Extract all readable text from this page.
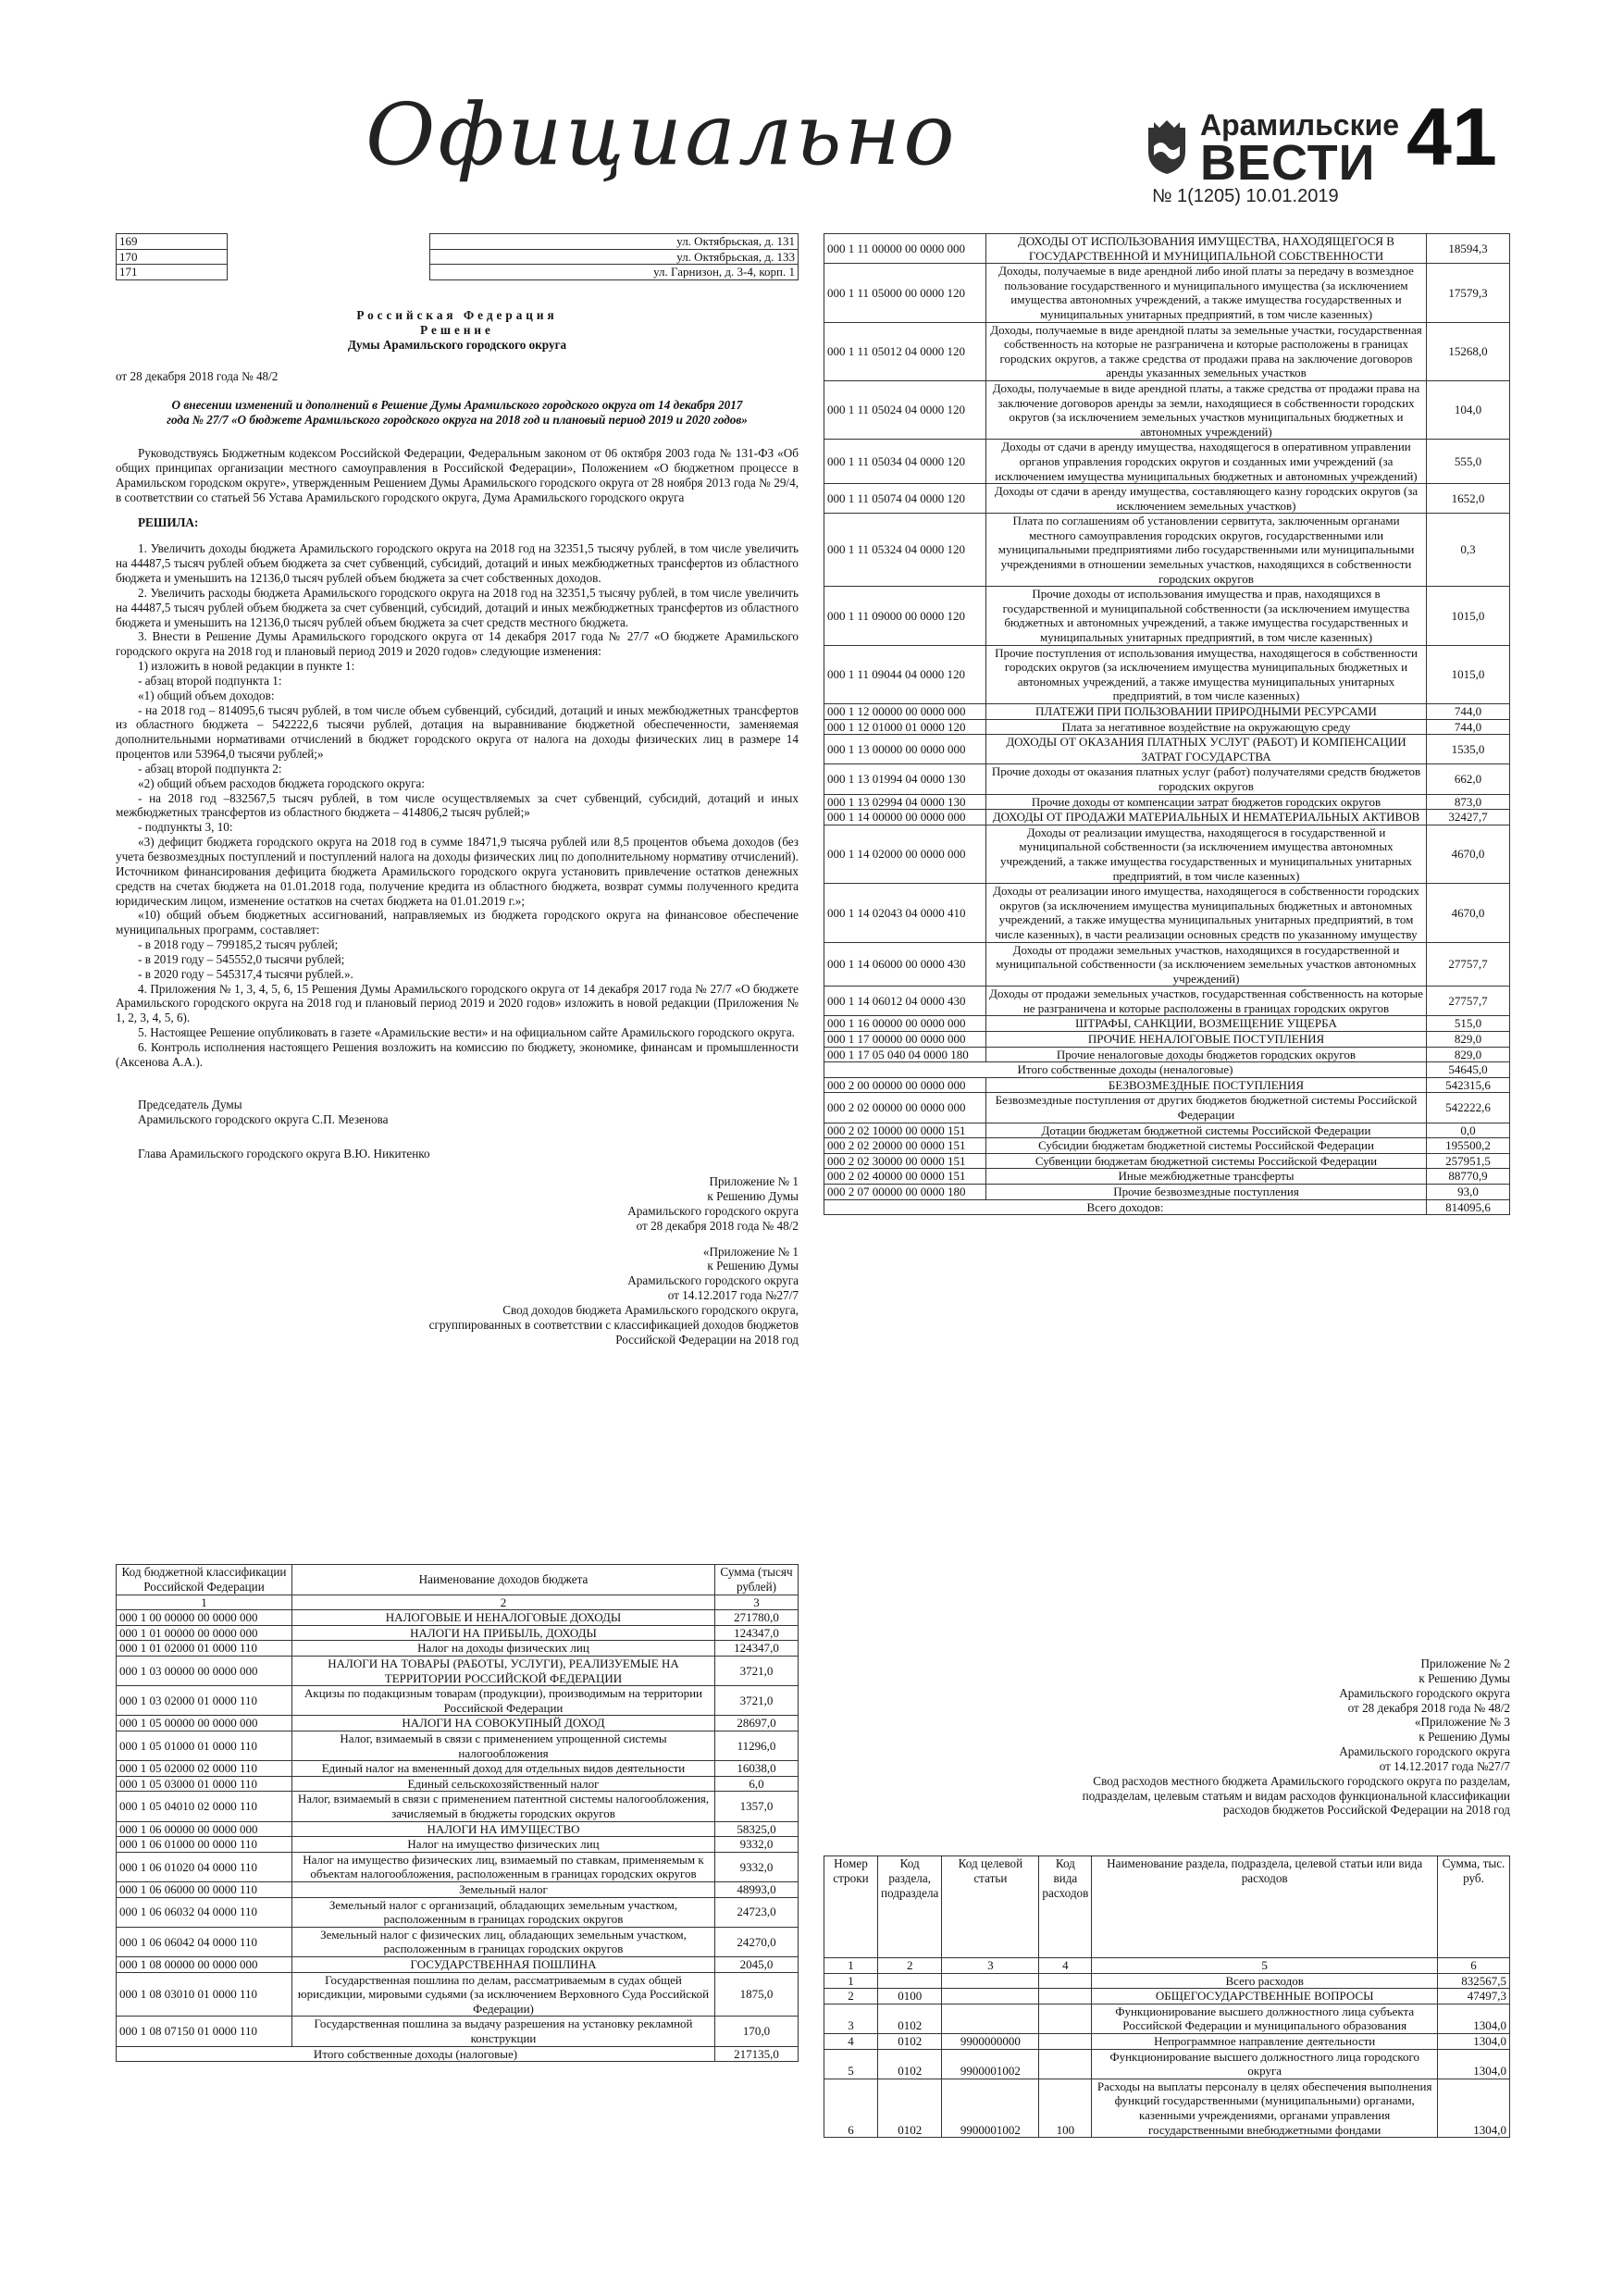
Официально	Арамильские
ВЕСТИ
№ 1(1205) 10.01.2019
41
169		ул. Октябрьская, д. 131
170		ул. Октябрьская, д. 133
171		ул. Гарнизон, д. 3-4, корп. 1
Российская Федерация
Решение
Думы Арамильского городского округа
от 28 декабря 2018 года № 48/2
О внесении изменений и дополнений в Решение Думы Арамильского городского округа от 14 декабря 2017 года № 27/7 «О бюджете Арамильского городского округа на 2018 год и плановый период 2019 и 2020 годов»

Руководствуясь Бюджетным кодексом Российской Федерации, Федеральным законом от 06 октября 2003 года № 131-ФЗ «Об общих принципах организации местного самоуправления в Российской Федерации», Положением «О бюджетном процессе в Арамильском городском округе», утвержденным Решением Думы Арамильского городского округа от 28 ноября 2013 года № 29/4, в соответствии со статьей 56 Устава Арамильского городского округа, Дума Арамильского городского округа

РЕШИЛА:

1. Увеличить доходы бюджета Арамильского городского округа на 2018 год на 32351,5 тысячу рублей, в том числе увеличить на 44487,5 тысяч рублей объем бюджета за счет субвенций, субсидий, дотаций и иных межбюджетных трансфертов из областного бюджета и уменьшить на 12136,0 тысяч рублей объем бюджета за счет собственных доходов.

2. Увеличить расходы бюджета Арамильского городского округа на 2018 год на 32351,5 тысячу рублей, в том числе увеличить на 44487,5 тысяч рублей объем бюджета за счет субвенций, субсидий, дотаций и иных межбюджетных трансфертов из областного бюджета и уменьшить на 12136,0 тысяч рублей объем бюджета за счет средств местного бюджета.

3. Внести в Решение Думы Арамильского городского округа от 14 декабря 2017 года № 27/7 «О бюджете Арамильского городского округа на 2018 год и плановый период 2019 и 2020 годов» следующие изменения:

1) изложить в новой редакции в пункте 1:

- абзац второй подпункта 1:

«1) общий объем доходов:

- на 2018 год – 814095,6 тысяч рублей, в том числе объем субвенций, субсидий, дотаций и иных межбюджетных трансфертов из областного бюджета – 542222,6 тысячи рублей, дотация на выравнивание бюджетной обеспеченности, заменяемая дополнительными нормативами отчислений в бюджет городского округа от налога на доходы физических лиц в размере 14 процентов или 53964,0 тысячи рублей;»

- абзац второй подпункта 2:

«2) общий объем расходов бюджета городского округа:

- на 2018 год –832567,5 тысяч рублей, в том числе осуществляемых за счет субвенций, субсидий, дотаций и иных межбюджетных трансфертов из областного бюджета – 414806,2 тысяч рублей;»

- подпункты 3, 10:

«3) дефицит бюджета городского округа на 2018 год в сумме 18471,9 тысяча рублей или 8,5 процентов объема доходов (без учета безвозмездных поступлений и поступлений налога на доходы физических лиц по дополнительному нормативу отчислений). Источником финансирования дефицита бюджета Арамильского городского округа установить привлечение остатков денежных средств на счетах бюджета на 01.01.2018 года, получение кредита из областного бюджета, возврат суммы полученного кредита юридическим лицом, изменение остатков на счетах бюджета на 01.01.2019 г.»;

«10) общий объем бюджетных ассигнований, направляемых из бюджета городского округа на финансовое обеспечение муниципальных программ, составляет:

- в 2018 году – 799185,2 тысяч рублей;

- в 2019 году – 545552,0 тысячи рублей;

- в 2020 году – 545317,4 тысячи рублей.».

4. Приложения № 1, 3, 4, 5, 6, 15 Решения Думы Арамильского городского округа от 14 декабря 2017 года № 27/7 «О бюджете Арамильского городского округа на 2018 год и плановый период 2019 и 2020 годов» изложить в новой редакции (Приложения № 1, 2, 3, 4, 5, 6).

5. Настоящее Решение опубликовать в газете «Арамильские вести» и на официальном сайте Арамильского городского округа.

6. Контроль исполнения настоящего Решения возложить на комиссию по бюджету, экономике, финансам и промышленности (Аксенова А.А.).

Председатель Думы
Арамильского городского округа С.П. Мезенова
Глава Арамильского городского округа В.Ю. Никитенко
Приложение № 1
к Решению Думы
Арамильского городского округа
от 28 декабря 2018 года № 48/2
«Приложение № 1
к Решению Думы
Арамильского городского округа
от 14.12.2017 года №27/7
Свод доходов бюджета Арамильского городского округа,
сгруппированных в соответствии с классификацией доходов бюджетов
Российской Федерации на 2018 год
Код бюджетной классификации Российской Федерации	Наименование доходов бюджета	Сумма (тысяч рублей)
1	2	3
000 1 00 00000 00 0000 000	НАЛОГОВЫЕ И НЕНАЛОГОВЫЕ ДОХОДЫ	271780,0
000 1 01 00000 00 0000 000	НАЛОГИ НА ПРИБЫЛЬ, ДОХОДЫ	124347,0
000 1 01 02000 01 0000 110	Налог на доходы физических лиц	124347,0
000 1 03 00000 00 0000 000	НАЛОГИ НА ТОВАРЫ (РАБОТЫ, УСЛУГИ), РЕАЛИЗУЕМЫЕ НА ТЕРРИТОРИИ РОССИЙСКОЙ ФЕДЕРАЦИИ	3721,0
000 1 03 02000 01 0000 110	Акцизы по подакцизным товарам (продукции), производимым на территории Российской Федерации	3721,0
000 1 05 00000 00 0000 000	НАЛОГИ НА СОВОКУПНЫЙ ДОХОД	28697,0
000 1 05 01000 01 0000 110	Налог, взимаемый в связи с применением упрощенной системы налогообложения	11296,0
000 1 05 02000 02 0000 110	Единый налог на вмененный доход для отдельных видов деятельности	16038,0
000 1 05 03000 01 0000 110	Единый сельскохозяйственный налог	6,0
000 1 05 04010 02 0000 110	Налог, взимаемый в связи с применением патентной системы налогообложения, зачисляемый в бюджеты городских округов	1357,0
000 1 06 00000 00 0000 000	НАЛОГИ НА ИМУЩЕСТВО	58325,0
000 1 06 01000 00 0000 110	Налог на имущество физических лиц	9332,0
000 1 06 01020 04 0000 110	Налог на имущество физических лиц, взимаемый по ставкам, применяемым к объектам налогообложения, расположенным в границах городских округов	9332,0
000 1 06 06000 00 0000 110	Земельный налог	48993,0
000 1 06 06032 04 0000 110	Земельный налог с организаций, обладающих земельным участком, расположенным в границах городских округов	24723,0
000 1 06 06042 04 0000 110	Земельный налог с физических лиц, обладающих земельным участком, расположенным в границах городских округов	24270,0
000 1 08 00000 00 0000 000	ГОСУДАРСТВЕННАЯ ПОШЛИНА	2045,0
000 1 08 03010 01 0000 110	Государственная пошлина по делам, рассматриваемым в судах общей юрисдикции, мировыми судьями (за исключением Верховного Суда Российской Федерации)	1875,0
000 1 08 07150 01 0000 110	Государственная пошлина за выдачу разрешения на установку рекламной конструкции	170,0
Итого собственные доходы (налоговые)		217135,0
000 1 11 00000 00 0000 000	ДОХОДЫ ОТ ИСПОЛЬЗОВАНИЯ ИМУЩЕСТВА, НАХОДЯЩЕГОСЯ В ГОСУДАРСТВЕННОЙ И МУНИЦИПАЛЬНОЙ СОБСТВЕННОСТИ	18594,3
000 1 11 05000 00 0000 120	Доходы, получаемые в виде арендной либо иной платы за передачу в возмездное пользование государственного и муниципального имущества (за исключением имущества автономных учреждений, а также имущества государственных и муниципальных унитарных предприятий, в том числе казенных)	17579,3
000 1 11 05012 04 0000 120	Доходы, получаемые в виде арендной платы за земельные участки, государственная собственность на которые не разграничена и которые расположены в границах городских округов, а также средства от продажи права на заключение договоров аренды указанных земельных участков	15268,0
000 1 11 05024 04 0000 120	Доходы, получаемые в виде арендной платы, а также средства от продажи права на заключение договоров аренды за земли, находящиеся в собственности городских округов (за исключением земельных участков муниципальных бюджетных и автономных учреждений)	104,0
000 1 11 05034 04 0000 120	Доходы от сдачи в аренду имущества, находящегося в оперативном управлении органов управления городских округов и созданных ими учреждений (за исключением имущества муниципальных бюджетных и автономных учреждений)	555,0
000 1 11 05074 04 0000 120	Доходы от сдачи в аренду имущества, составляющего казну городских округов (за исключением земельных участков)	1652,0
000 1 11 05324 04 0000 120	Плата по соглашениям об установлении сервитута, заключенным органами местного самоуправления городских округов, государственными или муниципальными предприятиями либо государственными или муниципальными учреждениями в отношении земельных участков, находящихся в собственности городских округов	0,3
000 1 11 09000 00 0000 120	Прочие доходы от использования имущества и прав, находящихся в государственной и муниципальной собственности (за исключением имущества бюджетных и автономных учреждений, а также имущества государственных и муниципальных унитарных предприятий, в том числе казенных)	1015,0
000 1 11 09044 04 0000 120	Прочие поступления от использования имущества, находящегося в собственности городских округов (за исключением имущества муниципальных бюджетных и автономных учреждений, а также имущества муниципальных унитарных предприятий, в том числе казенных)	1015,0
000 1 12 00000 00 0000 000	ПЛАТЕЖИ ПРИ ПОЛЬЗОВАНИИ ПРИРОДНЫМИ РЕСУРСАМИ	744,0
000 1 12 01000 01 0000 120	Плата за негативное воздействие на окружающую среду	744,0
000 1 13 00000 00 0000 000	ДОХОДЫ ОТ ОКАЗАНИЯ ПЛАТНЫХ УСЛУГ (РАБОТ) И КОМПЕНСАЦИИ ЗАТРАТ ГОСУДАРСТВА	1535,0
000 1 13 01994 04 0000 130	Прочие доходы от оказания платных услуг (работ) получателями средств бюджетов городских округов	662,0
000 1 13 02994 04 0000 130	Прочие доходы от компенсации затрат бюджетов городских округов	873,0
000 1 14 00000 00 0000 000	ДОХОДЫ ОТ ПРОДАЖИ МАТЕРИАЛЬНЫХ И НЕМАТЕРИАЛЬНЫХ АКТИВОВ	32427,7
000 1 14 02000 00 0000 000	Доходы от реализации имущества, находящегося в государственной и муниципальной собственности (за исключением имущества автономных учреждений, а также имущества государственных и муниципальных унитарных предприятий, в том числе казенных)	4670,0
000 1 14 02043 04 0000 410	Доходы от реализации иного имущества, находящегося в собственности городских округов (за исключением имущества муниципальных бюджетных и автономных учреждений, а также имущества муниципальных унитарных предприятий, в том числе казенных), в части реализации основных средств по указанному имуществу	4670,0
000 1 14 06000 00 0000 430	Доходы от продажи земельных участков, находящихся в государственной и муниципальной собственности (за исключением земельных участков автономных учреждений)	27757,7
000 1 14 06012 04 0000 430	Доходы от продажи земельных участков, государственная собственность на которые не разграничена и которые расположены в границах городских округов	27757,7
000 1 16 00000 00 0000 000	ШТРАФЫ, САНКЦИИ, ВОЗМЕЩЕНИЕ УЩЕРБА	515,0
000 1 17 00000 00 0000 000	ПРОЧИЕ НЕНАЛОГОВЫЕ ПОСТУПЛЕНИЯ	829,0
000 1 17 05 040 04 0000 180	Прочие неналоговые доходы бюджетов городских округов	829,0
Итого собственные доходы (неналоговые)		54645,0
000 2 00 00000 00 0000 000	БЕЗВОЗМЕЗДНЫЕ ПОСТУПЛЕНИЯ	542315,6
000 2 02 00000 00 0000 000	Безвозмездные поступления от других бюджетов бюджетной системы Российской Федерации	542222,6
000 2 02 10000 00 0000 151	Дотации бюджетам бюджетной системы Российской Федерации	0,0
000 2 02 20000 00 0000 151	Субсидии бюджетам бюджетной системы Российской Федерации	195500,2
000 2 02 30000 00 0000 151	Субвенции бюджетам бюджетной системы Российской Федерации	257951,5
000 2 02 40000 00 0000 151	Иные межбюджетные трансферты	88770,9
000 2 07 00000 00 0000 180	Прочие безвозмездные поступления	93,0
Всего доходов:		814095,6
Приложение № 2
к Решению Думы
Арамильского городского округа
от 28 декабря 2018 года № 48/2
«Приложение № 3
к Решению Думы
Арамильского городского округа
от 14.12.2017 года №27/7
Свод расходов местного бюджета Арамильского городского округа по разделам,
подразделам, целевым статьям и видам расходов функциональной классификации
расходов бюджетов Российской Федерации на 2018 год
Номер строки	Код раздела, подраздела	Код целевой статьи	Код вида расходов	Наименование раздела, подраздела, целевой статьи или вида расходов	Сумма, тыс. руб.
1	2	3	4	5	6
1				Всего расходов	832567,5
2	0100			ОБЩЕГОСУДАРСТВЕННЫЕ ВОПРОСЫ	47497,3
3	0102			Функционирование высшего должностного лица субъекта Российской Федерации и муниципального образования	1304,0
4	0102	9900000000		Непрограммное направление деятельности	1304,0
5	0102	9900001002		Функционирование высшего должностного лица городского округа	1304,0
6	0102	9900001002	100	Расходы на выплаты персоналу в целях обеспечения выполнения функций государственными (муниципальными) органами, казенными учреждениями, органами управления государственными внебюджетными фондами	1304,0
